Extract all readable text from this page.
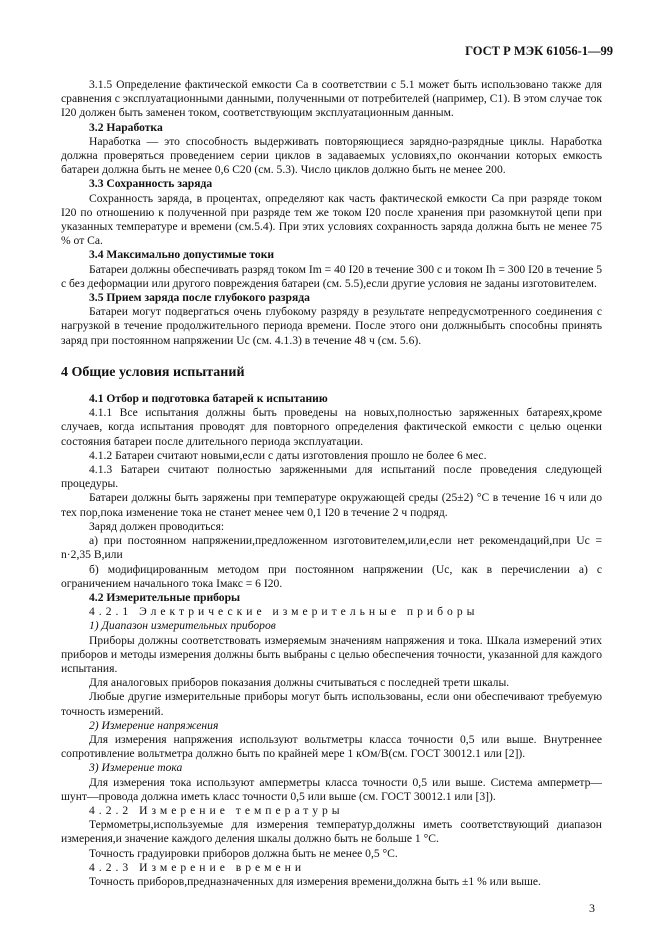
ГОСТ Р МЭК 61056-1—99

3.1.5 Определение фактической емкости Cа в соответствии с 5.1 может быть использовано также для сравнения с эксплуатационными данными, полученными от потребителей (например, C1). В этом случае ток I20 должен быть заменен током, соответствующим эксплуатационным данным.

3.2 Наработка

Наработка — это способность выдерживать повторяющиеся зарядно-разрядные циклы. Наработка должна проверяться проведением серии циклов в задаваемых условиях,по окончании которых емкость батареи должна быть не менее 0,6 C20 (см. 5.3). Число циклов должно быть не менее 200.

3.3 Сохранность заряда

Сохранность заряда, в процентах, определяют как часть фактической емкости Cа при разряде током I20 по отношению к полученной при разряде тем же током I20 после хранения при разомкнутой цепи при указанных температуре и времени (см.5.4). При этих условиях сохранность заряда должна быть не менее 75 % от Cа.

3.4 Максимально допустимые токи

Батареи должны обеспечивать разряд током Im = 40 I20 в течение 300 с и током Ih = 300 I20 в течение 5 с без деформации или другого повреждения батареи (см. 5.5),если другие условия не заданы изготовителем.

3.5 Прием заряда после глубокого разряда

Батареи могут подвергаться очень глубокому разряду в результате непредусмотренного соединения с нагрузкой в течение продолжительного периода времени. После этого они должныбыть способны принять заряд при постоянном напряжении Uс (см. 4.1.3) в течение 48 ч (см. 5.6).

4 Общие условия испытаний

4.1 Отбор и подготовка батарей к испытанию

4.1.1 Все испытания должны быть проведены на новых,полностью заряженных батареях,кроме случаев, когда испытания проводят для повторного определения фактической емкости с целью оценки состояния батареи после длительного периода эксплуатации.

4.1.2 Батареи считают новыми,если с даты изготовления прошло не более 6 мес.

4.1.3 Батареи считают полностью заряженными для испытаний после проведения следующей процедуры.

Батареи должны быть заряжены при температуре окружающей среды (25±2) °С в течение 16 ч или до тех пор,пока изменение тока не станет менее чем 0,1 I20 в течение 2 ч подряд.

Заряд должен проводиться:

а) при постоянном напряжении,предложенном изготовителем,или,если нет рекомендаций,при Uс = n·2,35 В,или

б) модифицированным методом при постоянном напряжении (Uс, как в перечислении а) с ограничением начального тока Iмакс = 6 I20.

4.2 Измерительные приборы

4.2.1 Электрические измерительные приборы

1) Диапазон измерительных приборов

Приборы должны соответствовать измеряемым значениям напряжения и тока. Шкала измерений этих приборов и методы измерения должны быть выбраны с целью обеспечения точности, указанной для каждого испытания.

Для аналоговых приборов показания должны считываться с последней трети шкалы.

Любые другие измерительные приборы могут быть использованы, если они обеспечивают требуемую точность измерений.

2) Измерение напряжения

Для измерения напряжения используют вольтметры класса точности 0,5 или выше. Внутреннее сопротивление вольтметра должно быть по крайней мере 1 кОм/В(см. ГОСТ 30012.1 или [2]).

3) Измерение тока

Для измерения тока используют амперметры класса точности 0,5 или выше. Система амперметр—шунт—провода должна иметь класс точности 0,5 или выше (см. ГОСТ 30012.1 или [3]).

4.2.2 Измерение температуры

Термометры,используемые для измерения температур,должны иметь соответствующий диапазон измерения,и значение каждого деления шкалы должно быть не больше 1 °С.

Точность градуировки приборов должна быть не менее 0,5 °С.

4.2.3 Измерение времени

Точность приборов,предназначенных для измерения времени,должна быть ±1 % или выше.

3
